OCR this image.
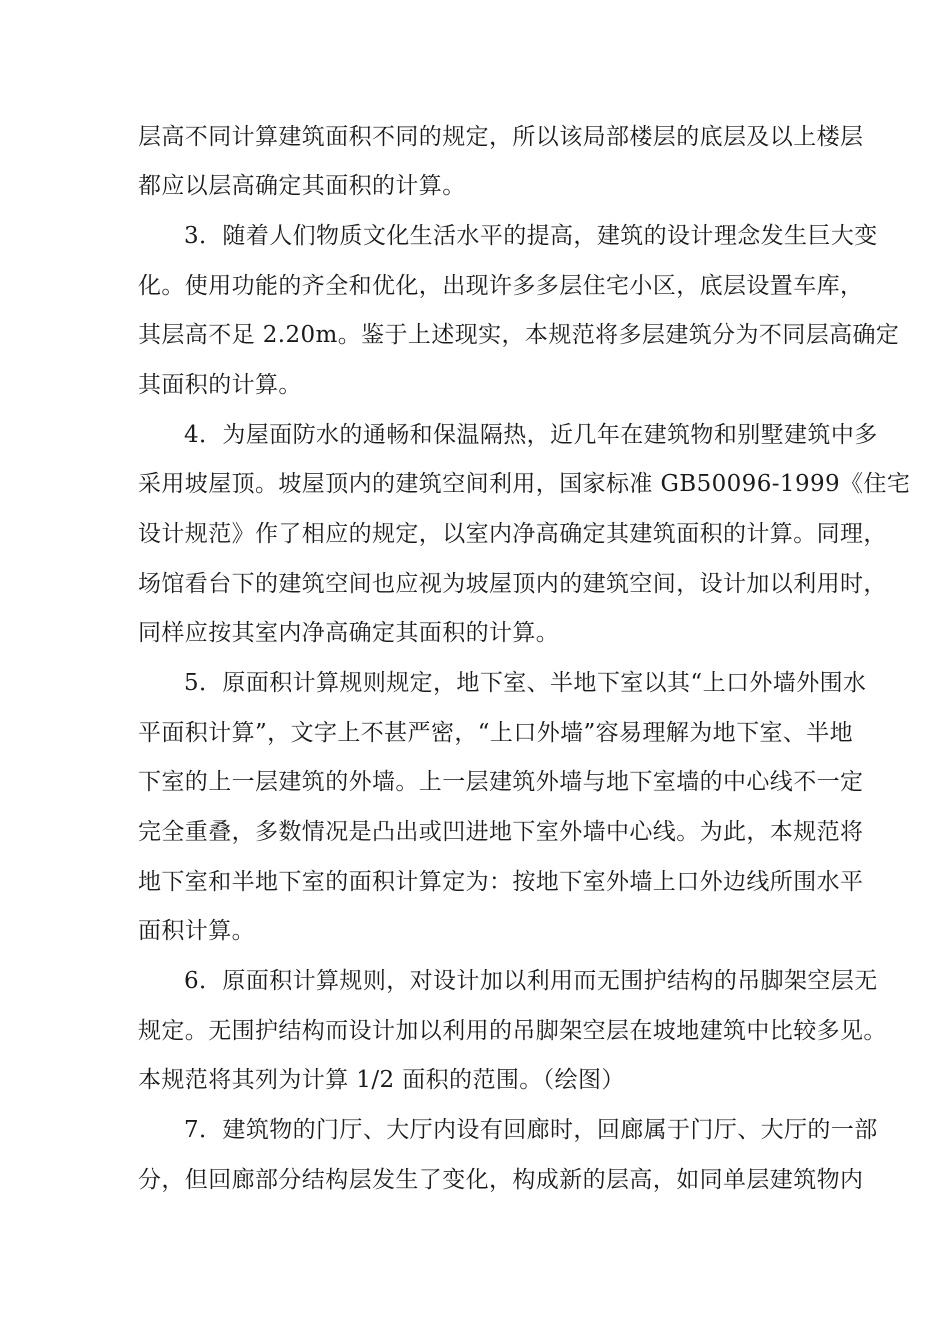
层高不同计算建筑面积不同的规定，所以该局部楼层的底层及以上楼层
都应以层高确定其面积的计算。
3．随着人们物质文化生活水平的提高，建筑的设计理念发生巨大变
化。使用功能的齐全和优化，出现许多多层住宅小区，底层设置车库，
其层高不足 2.20m。鉴于上述现实，本规范将多层建筑分为不同层高确定
其面积的计算。
4．为屋面防水的通畅和保温隔热，近几年在建筑物和别墅建筑中多
采用坡屋顶。坡屋顶内的建筑空间利用，国家标准 GB50096-1999《住宅
设计规范》作了相应的规定，以室内净高确定其建筑面积的计算。同理，
场馆看台下的建筑空间也应视为坡屋顶内的建筑空间，设计加以利用时，
同样应按其室内净高确定其面积的计算。
5．原面积计算规则规定，地下室、半地下室以其“上口外墙外围水
平面积计算”，文字上不甚严密，“上口外墙”容易理解为地下室、半地
下室的上一层建筑的外墙。上一层建筑外墙与地下室墙的中心线不一定
完全重叠，多数情况是凸出或凹进地下室外墙中心线。为此，本规范将
地下室和半地下室的面积计算定为：按地下室外墙上口外边线所围水平
面积计算。
6．原面积计算规则，对设计加以利用而无围护结构的吊脚架空层无
规定。无围护结构而设计加以利用的吊脚架空层在坡地建筑中比较多见。
本规范将其列为计算 1/2 面积的范围。（绘图）
7．建筑物的门厅、大厅内设有回廊时，回廊属于门厅、大厅的一部
分，但回廊部分结构层发生了变化，构成新的层高，如同单层建筑物内
